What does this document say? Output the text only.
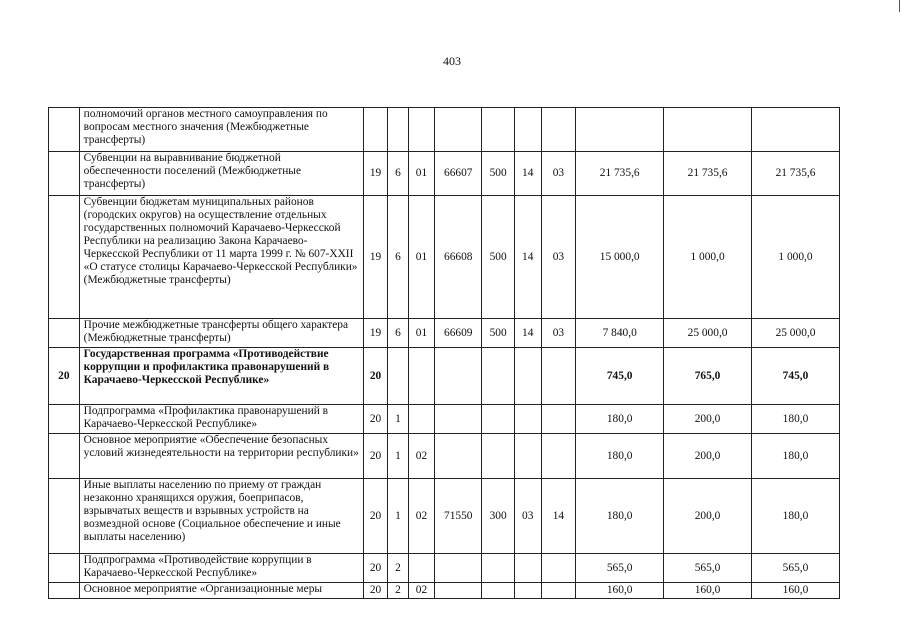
403
	полномочий органов местного самоуправления по вопросам местного значения (Межбюджетные трансферты)										
	Субвенции на выравнивание бюджетной обеспеченности поселений (Межбюджетные трансферты)	19	6	01	66607	500	14	03	21 735,6	21 735,6	21 735,6
	Субвенции бюджетам муниципальных районов (городских округов) на осуществление отдельных государственных полномочий Карачаево-Черкесской Республики на реализацию Закона Карачаево-Черкесской Республики от 11 марта 1999 г. № 607-XXII «О статусе столицы Карачаево-Черкесской Республики» (Межбюджетные трансферты)	19	6	01	66608	500	14	03	15 000,0	1 000,0	1 000,0
	Прочие межбюджетные трансферты общего характера (Межбюджетные трансферты)	19	6	01	66609	500	14	03	7 840,0	25 000,0	25 000,0
20	Государственная программа «Противодействие коррупции и профилактика правонарушений в Карачаево-Черкесской Республике»	20							745,0	765,0	745,0
	Подпрограмма «Профилактика правонарушений в Карачаево-Черкесской Республике»	20	1						180,0	200,0	180,0
	Основное мероприятие «Обеспечение безопасных условий жизнедеятельности на территории республики»	20	1	02					180,0	200,0	180,0
	Иные выплаты населению по приему от граждан незаконно хранящихся оружия, боеприпасов, взрывчатых веществ и взрывных устройств на возмездной основе (Социальное обеспечение и иные выплаты населению)	20	1	02	71550	300	03	14	180,0	200,0	180,0
	Подпрограмма «Противодействие коррупции в Карачаево-Черкесской Республике»	20	2						565,0	565,0	565,0
	Основное мероприятие «Организационные меры	20	2	02					160,0	160,0	160,0
